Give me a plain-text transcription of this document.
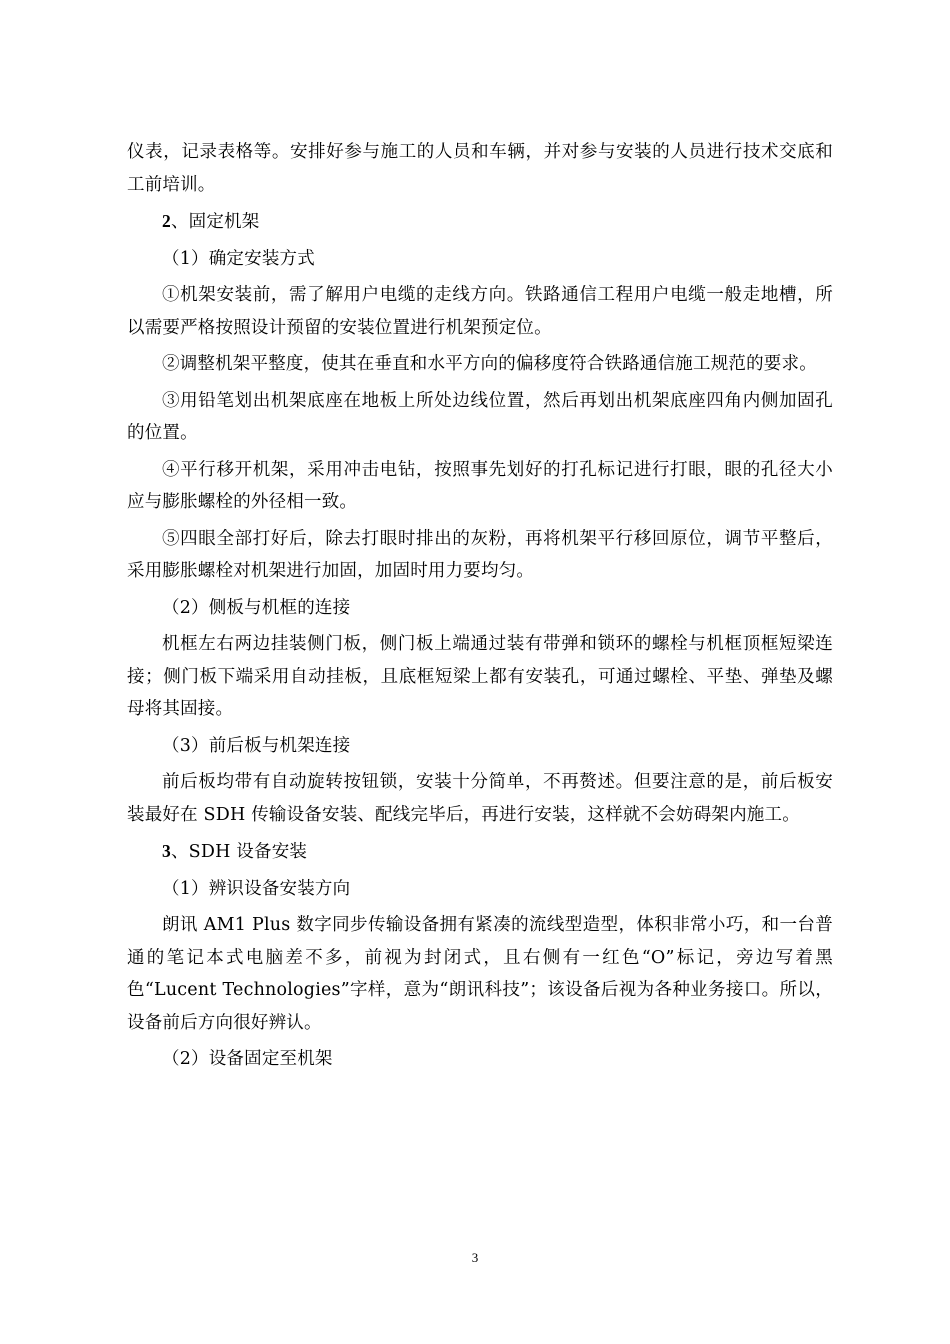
仪表，记录表格等。安排好参与施工的人员和车辆，并对参与安装的人员进行技术交底和工前培训。

2、固定机架

（1）确定安装方式

①机架安装前，需了解用户电缆的走线方向。铁路通信工程用户电缆一般走地槽，所以需要严格按照设计预留的安装位置进行机架预定位。

②调整机架平整度，使其在垂直和水平方向的偏移度符合铁路通信施工规范的要求。

③用铅笔划出机架底座在地板上所处边线位置，然后再划出机架底座四角内侧加固孔的位置。

④平行移开机架，采用冲击电钻，按照事先划好的打孔标记进行打眼，眼的孔径大小应与膨胀螺栓的外径相一致。

⑤四眼全部打好后，除去打眼时排出的灰粉，再将机架平行移回原位，调节平整后，采用膨胀螺栓对机架进行加固，加固时用力要均匀。

（2）侧板与机框的连接

机框左右两边挂装侧门板，侧门板上端通过装有带弹和锁环的螺栓与机框顶框短梁连接；侧门板下端采用自动挂板，且底框短梁上都有安装孔，可通过螺栓、平垫、弹垫及螺母将其固接。

（3）前后板与机架连接

前后板均带有自动旋转按钮锁，安装十分简单，不再赘述。但要注意的是，前后板安装最好在 SDH 传输设备安装、配线完毕后，再进行安装，这样就不会妨碍架内施工。

3、SDH 设备安装

（1）辨识设备安装方向

朗讯 AM1 Plus 数字同步传输设备拥有紧凑的流线型造型，体积非常小巧，和一台普通的笔记本式电脑差不多，前视为封闭式，且右侧有一红色“O”标记，旁边写着黑色“Lucent Technologies”字样，意为“朗讯科技”；该设备后视为各种业务接口。所以，设备前后方向很好辨认。

（2）设备固定至机架

3
